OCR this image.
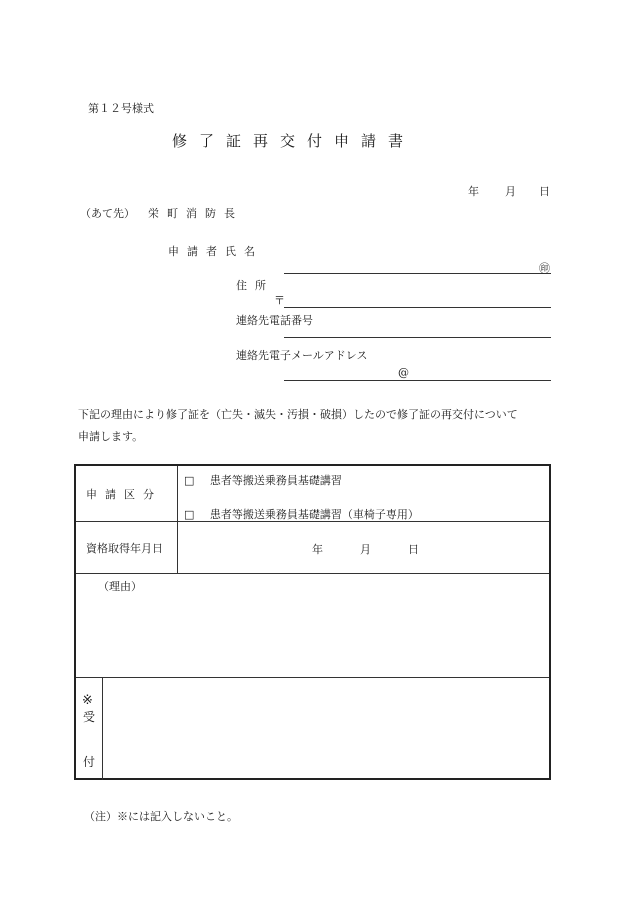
第１２号様式
修了証再交付申請書
年 月 日
（あて先） 栄町消防長
申請者氏名
㊞
住所
〒
連絡先電話番号
連絡先電子メールアドレス
@
下記の理由により修了証を（亡失・滅失・汚損・破損）したので修了証の再交付について
申請します。
申請区分
□ 患者等搬送乗務員基礎講習
□ 患者等搬送乗務員基礎講習（車椅子専用）
資格取得年月日	年	月	日
（理由）
※
受
付
（注）※には記入しないこと。
